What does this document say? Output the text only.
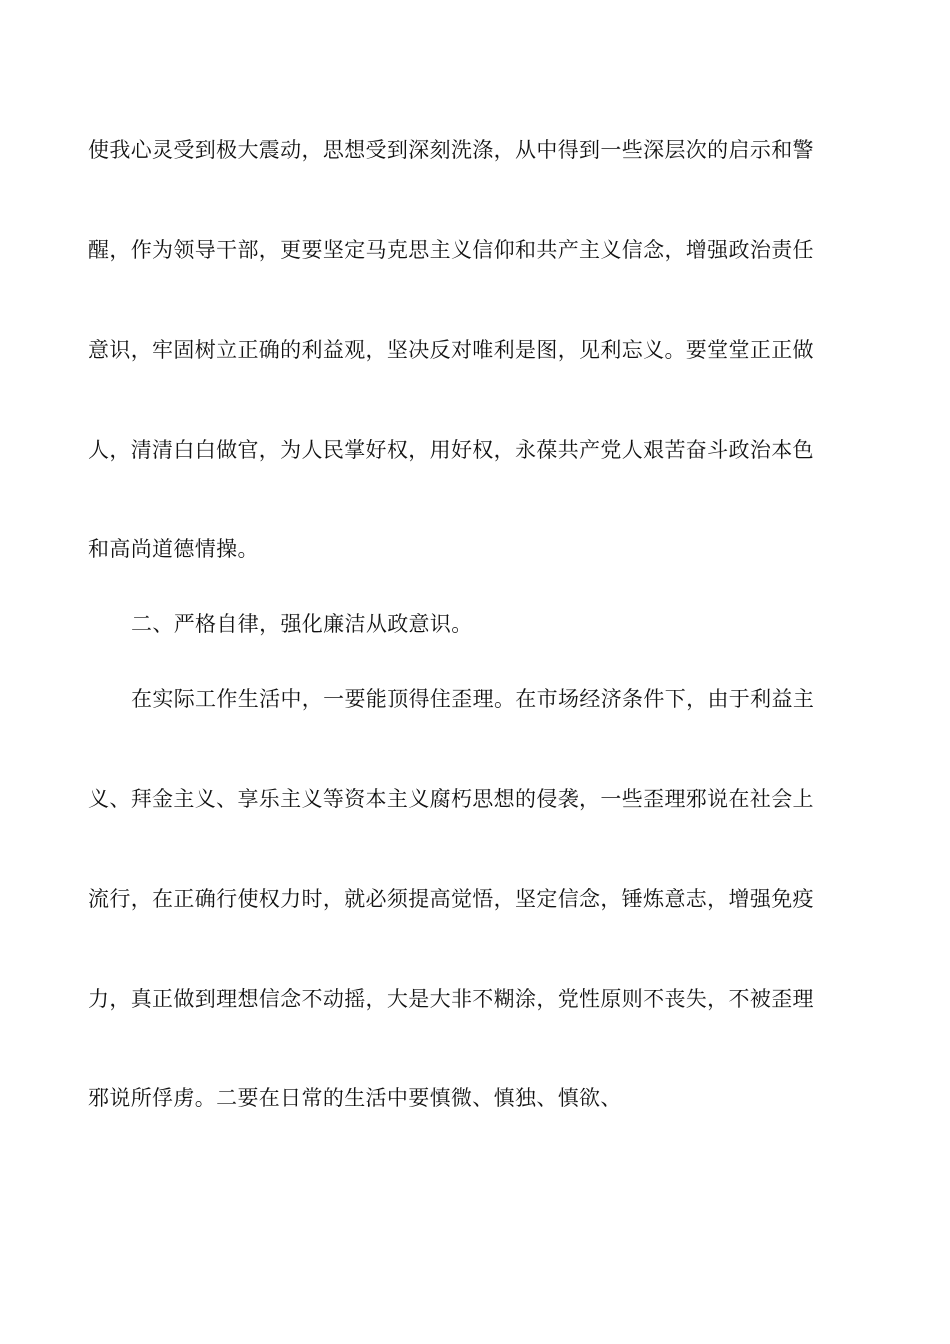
使我心灵受到极大震动，思想受到深刻洗涤，从中得到一些深层次的启示和警
醒，作为领导干部，更要坚定马克思主义信仰和共产主义信念，增强政治责任
意识，牢固树立正确的利益观，坚决反对唯利是图，见利忘义。要堂堂正正做
人，清清白白做官，为人民掌好权，用好权，永葆共产党人艰苦奋斗政治本色
和高尚道德情操。
二、严格自律，强化廉洁从政意识。
在实际工作生活中，一要能顶得住歪理。在市场经济条件下，由于利益主
义、拜金主义、享乐主义等资本主义腐朽思想的侵袭，一些歪理邪说在社会上
流行，在正确行使权力时，就必须提高觉悟，坚定信念，锤炼意志，增强免疫
力，真正做到理想信念不动摇，大是大非不糊涂，党性原则不丧失，不被歪理
邪说所俘虏。二要在日常的生活中要慎微、慎独、慎欲、
